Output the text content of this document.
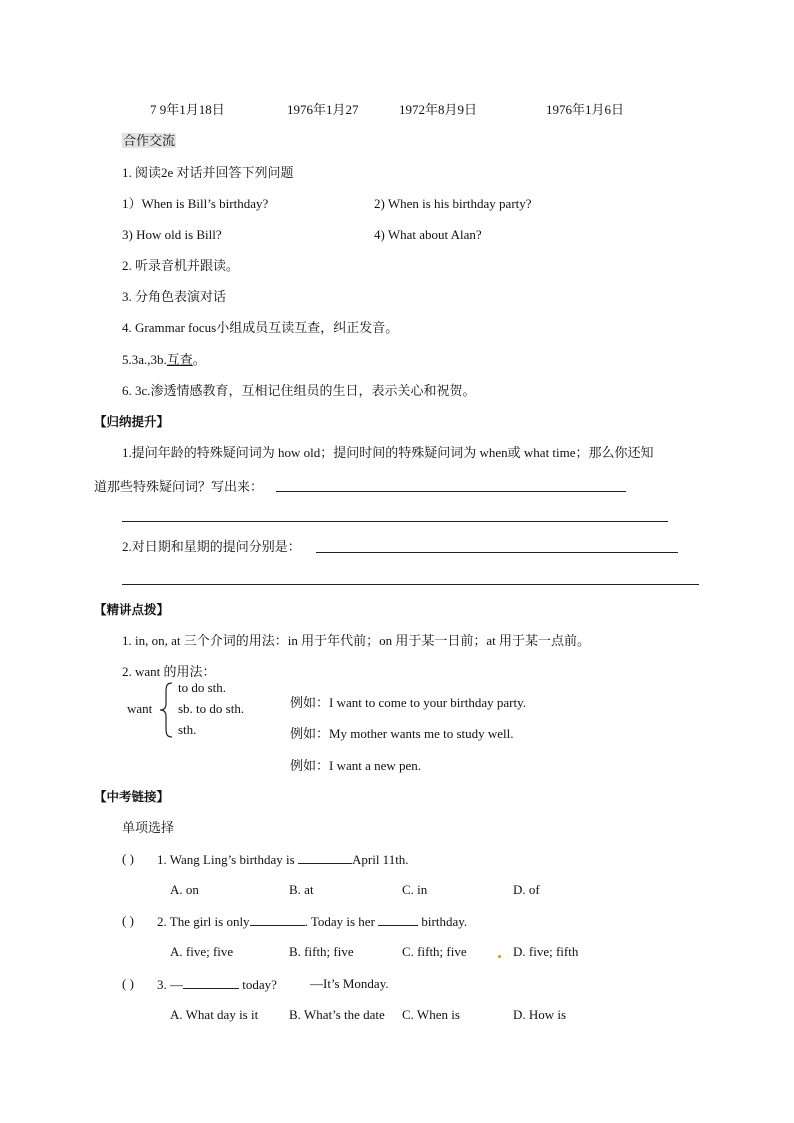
7 9年1月18日	1976年1月27	1972年8月9日	1976年1月6日
合作交流
1. 阅读2e 对话并回答下列问题
1）When is Bill’s birthday?	2) When is his birthday party?
3) How old is Bill?	4) What about Alan?
2. 听录音机并跟读。
3. 分角色表演对话
4. Grammar focus小组成员互读互查，纠正发音。
5.3a.,3b.互查。
6. 3c.渗透情感教育，互相记住组员的生日，表示关心和祝贺。
【归纳提升】
1.提问年龄的特殊疑问词为 how old；提问时间的特殊疑问词为 when或 what time；那么你还知
道那些特殊疑问词？写出来：
2.对日期和星期的提问分别是：
【精讲点拨】
1. in, on, at 三个介词的用法：in 用于年代前；on 用于某一日前；at 用于某一点前。
2. want 的用法：
want
to do sth.
sb. to do sth.
sth.
例如：I want to come to your birthday party.
例如：My mother wants me to study well.
例如：I want a new pen.
【中考链接】
单项选择
( ) 1. Wang Ling’s birthday is	April 11th.
A. on	B. at	C. in	D. of
( ) 2. The girl is only	. Today is her	birthday.
A. five; five	B. fifth; five	C. fifth; five	D. five; fifth
( ) 3. —	today?	—It’s Monday.
A. What day is it B. What’s the date C. When is	D. How is
